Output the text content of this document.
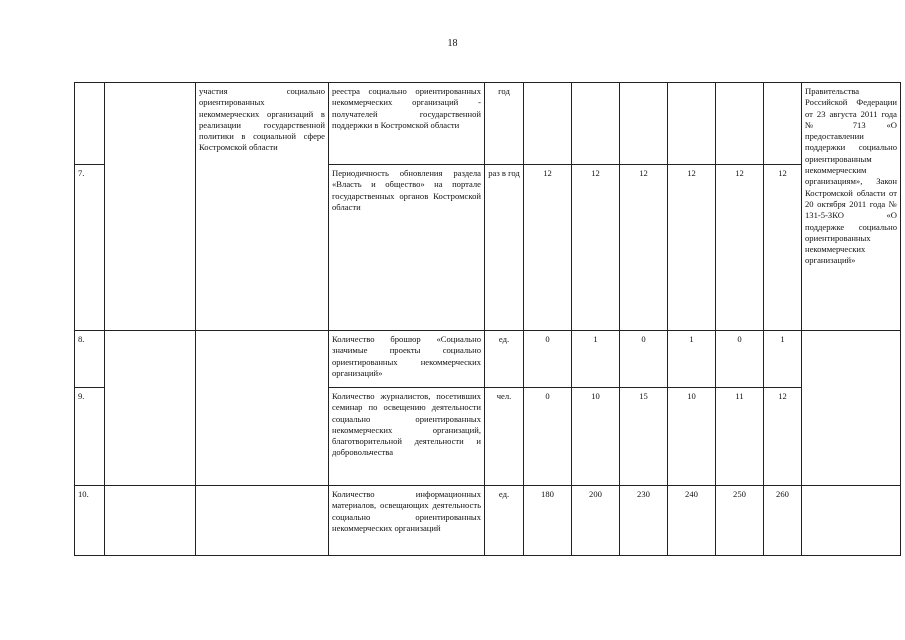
18
		участия социально ориентированных некоммерческих организаций в реализации государственной политики в социальной сфере Костромской области	реестра социально ориентированных некоммерческих организаций - получателей государственной поддержки в Костромской области	год							Правительства Российской Федерации от 23 августа 2011 года № 713 «О предоставлении поддержки социально ориентированным некоммерческим организациям», Закон Костромской области от 20 октября 2011 года № 131-5-ЗКО «О поддержке социально ориентированных некоммерческих организаций»
7.			Периодичность обновления раздела «Власть и общество» на портале государственных органов Костромской области	раз в год	12	12	12	12	12	12	
8.			Количество брошюр «Социально значимые проекты социально ориентированных некоммерческих организаций»	ед.	0	1	0	1	0	1	
9.			Количество журналистов, посетивших семинар по освещению деятельности социально ориентированных некоммерческих организаций, благотворительной деятельности и добровольчества	чел.	0	10	15	10	11	12	
10.			Количество информационных материалов, освещающих деятельность социально ориентированных некоммерческих организаций	ед.	180	200	230	240	250	260	
